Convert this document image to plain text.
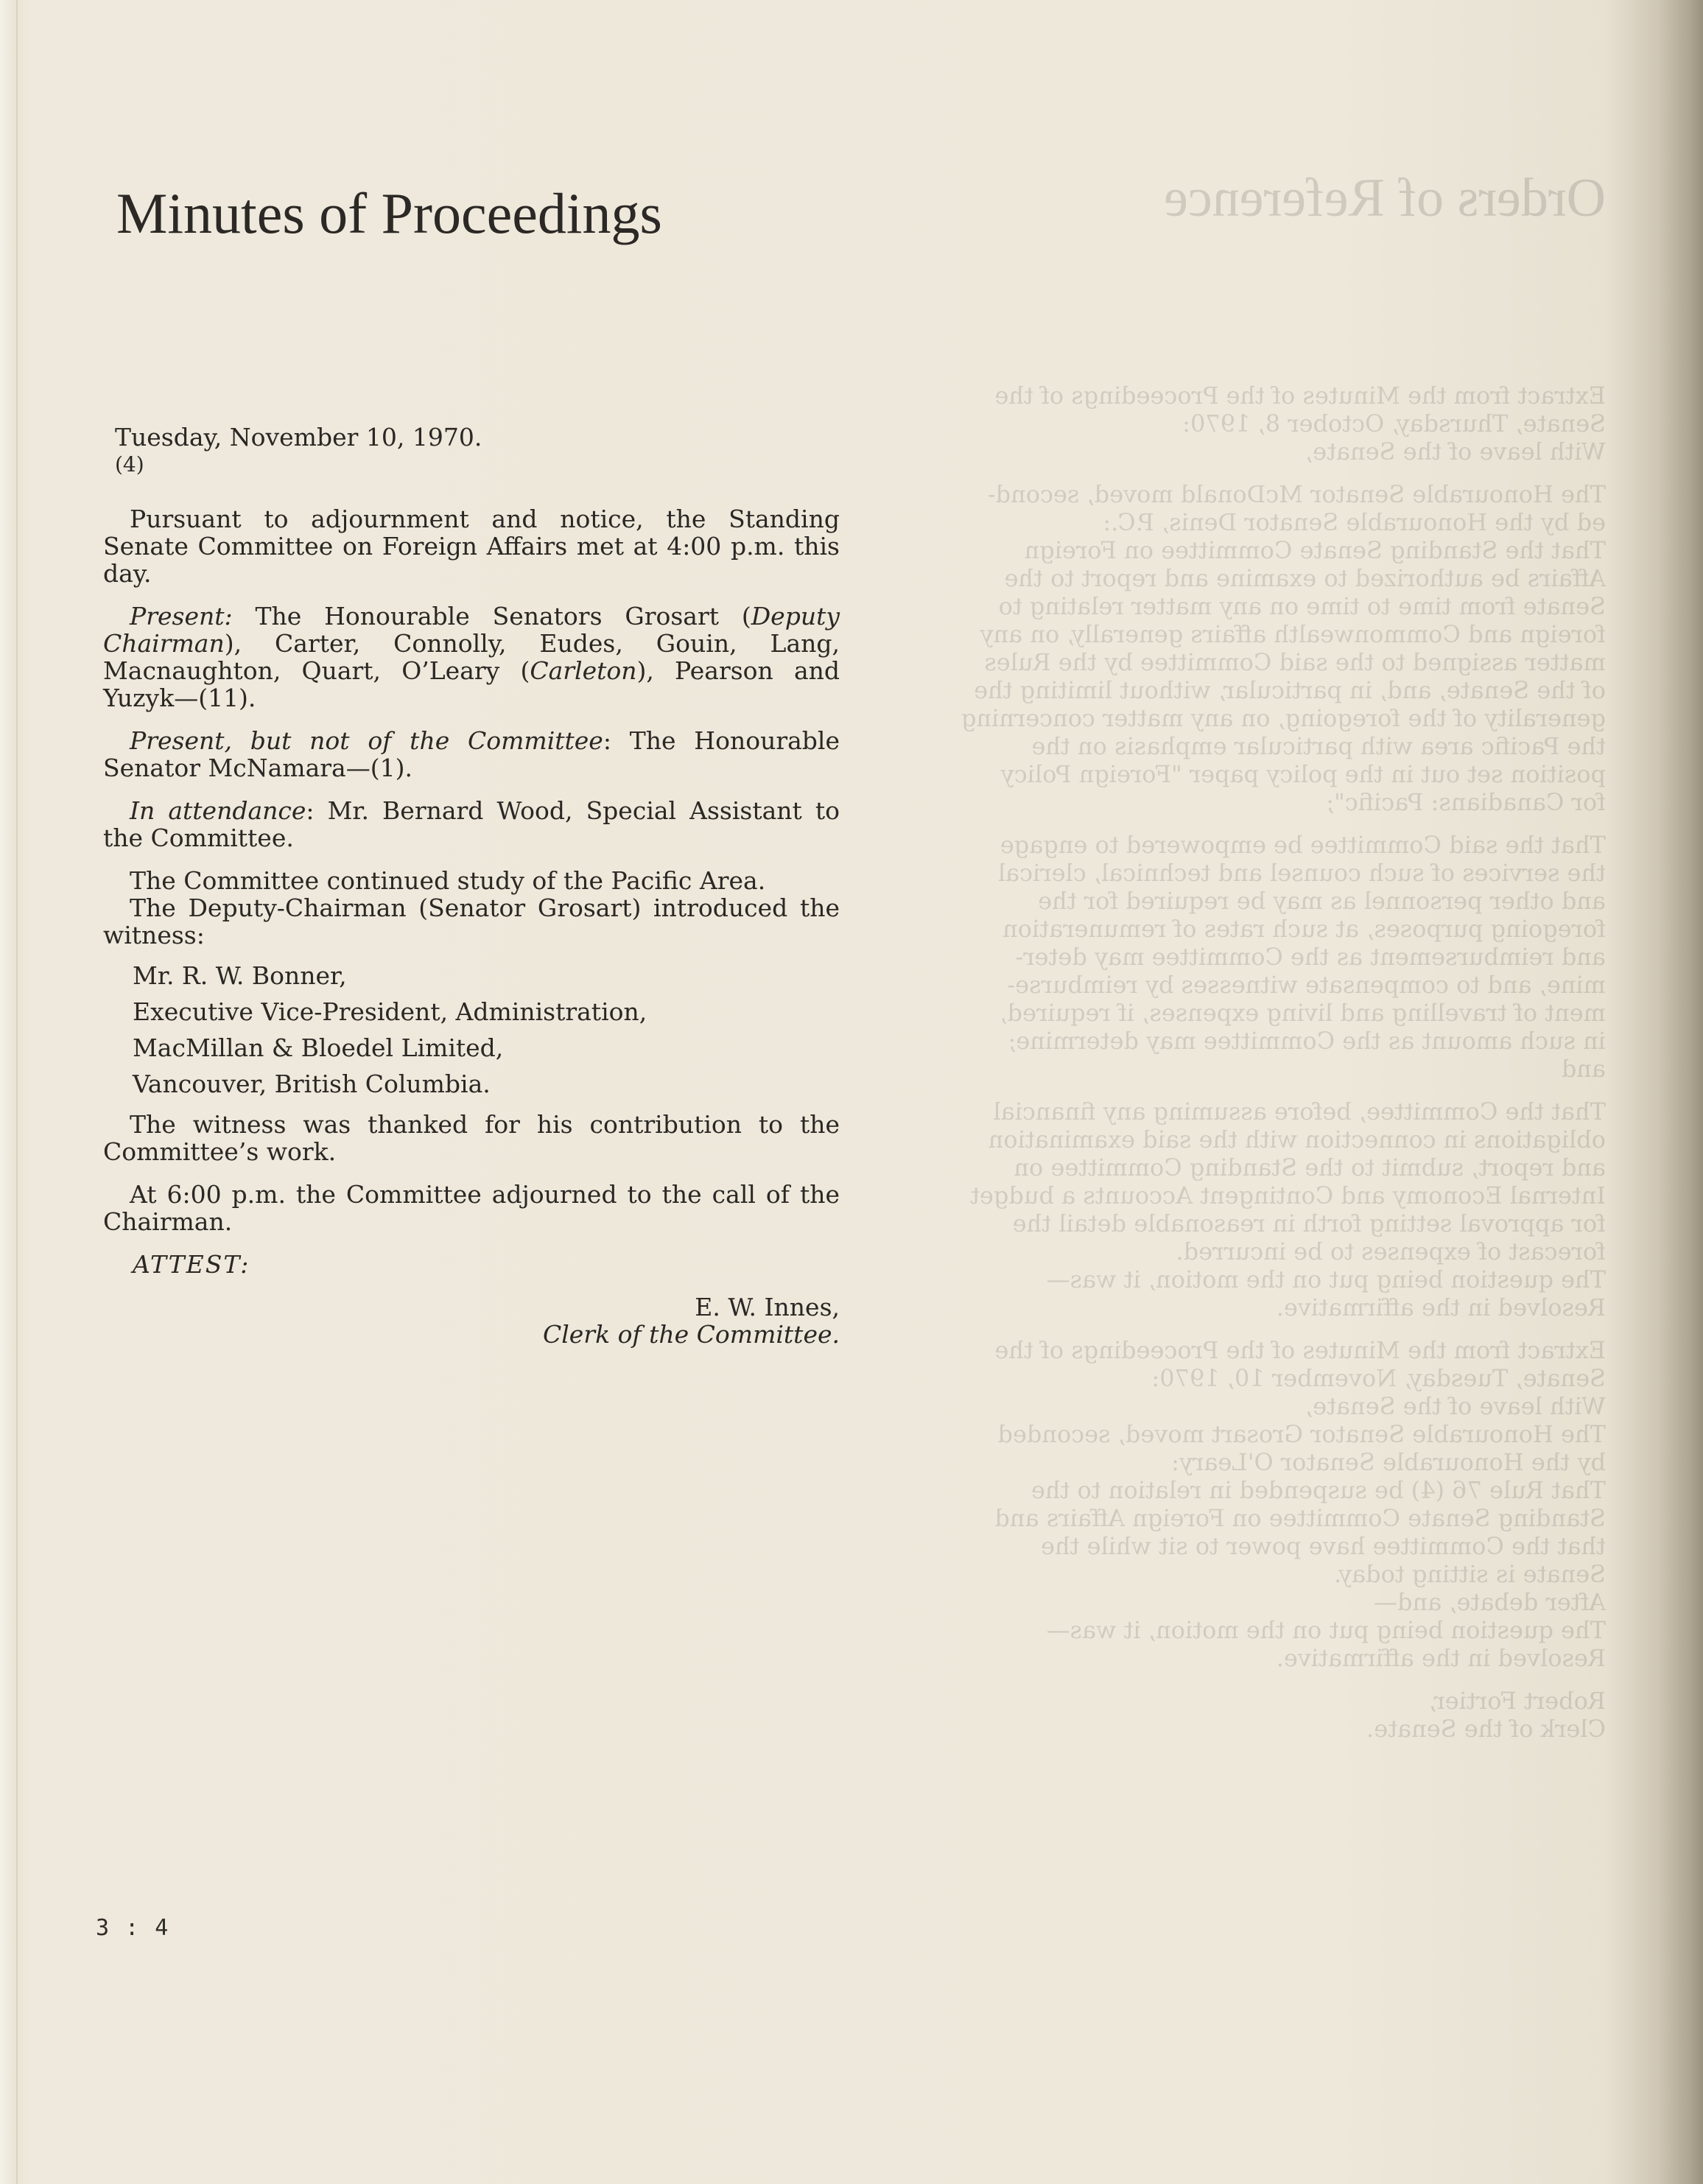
Minutes of Proceedings

Tuesday, November 10, 1970.

(4)

Pursuant to adjournment and notice, the Standing Senate Committee on Foreign Affairs met at 4:00 p.m. this day.

Present: The Honourable Senators Grosart (Deputy Chairman), Carter, Connolly, Eudes, Gouin, Lang, Macnaughton, Quart, O’Leary (Carleton), Pearson and Yuzyk—(11).

Present, but not of the Committee: The Honourable Senator McNamara—(1).

In attendance: Mr. Bernard Wood, Special Assistant to the Committee.

The Committee continued study of the Pacific Area.

The Deputy-Chairman (Senator Grosart) introduced the witness:

Mr. R. W. Bonner,

Executive Vice-President, Administration,

MacMillan & Bloedel Limited,

Vancouver, British Columbia.

The witness was thanked for his contribution to the Committee’s work.

At 6:00 p.m. the Committee adjourned to the call of the Chairman.

ATTEST:

E. W. Innes,

Clerk of the Committee.

3 : 4
